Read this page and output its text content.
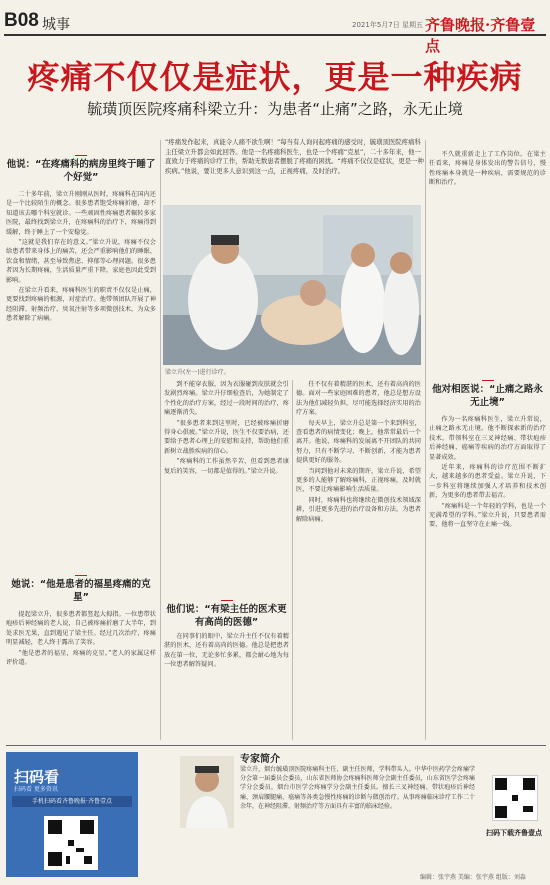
B08 城事	2021年5月7日 星期五 齐鲁晚报·齐鲁壹点
疼痛不仅仅是症状，更是一种疾病
毓璜顶医院疼痛科梁立升：为患者“止痛”之路，永无止境
“疼痛发作起来，真能令人痛不欲生啊！”每当有人询问起疼痛的感受时，毓璜顶医院疼痛科主任梁立升都会如此回答。他是一名疼痛科医生，也是一个疼痛“克星”，二十多年来，他一直致力于疼痛的诊疗工作，帮助无数患者摆脱了疼痛的困扰。“疼痛不仅仅是症状，更是一种疾病。”他说，要让更多人意识到这一点，正视疼痛，及时治疗。
梁立升(左一)进行诊疗。
他说：“在疼痛科的病房里终于睡了个好觉”

二十多年前，梁立升刚刚从医时，疼痛科在国内还是一个比较陌生的概念。很多患者饱受疼痛折磨，却不知道该去哪个科室就诊。一些顽固性疼痛患者辗转多家医院，最终找到梁立升，在疼痛科的治疗下，疼痛得到缓解，终于睡上了一个安稳觉。

“这就是我们存在的意义。”梁立升说，疼痛不仅会给患者带来身体上的痛苦，还会严重影响他们的睡眠、饮食和情绪，甚至导致焦虑、抑郁等心理问题。很多患者因为长期疼痛，生活质量严重下降，家庭也因此受到影响。

在梁立升看来，疼痛科医生的职责不仅仅是止痛，更要找到疼痛的根源，对症治疗。他带领团队开展了神经阻滞、射频治疗、臭氧注射等多项微创技术，为众多患者解除了病痛。

她说：“他是患者的福星疼痛的克星”

提起梁立升，很多患者都竖起大拇指。一位患带状疱疹后神经痛的老人说，自己被疼痛折磨了大半年，到处求医无果，直到遇见了梁主任。经过几次治疗，疼痛明显减轻，老人终于露出了笑容。

“他是患者的福星，疼痛的克星。”老人的家属这样评价道。

到不能穿衣服，因为衣服碰到皮肤就会引发剧烈疼痛。梁立升仔细检查后，为她制定了个性化的治疗方案，经过一段时间的治疗，疼痛逐渐消失。

“很多患者来到这里时，已经被疼痛折磨得身心俱疲。”梁立升说，医生不仅要治病，还要给予患者心理上的安慰和支持，帮助他们重新树立战胜疾病的信心。

“疼痛科的工作虽然辛苦，但看到患者康复后的笑容，一切都是值得的。”梁立升说。

他们说：“有梁主任的医术更有高尚的医德”

在同事们的眼中，梁立升主任不仅有着精湛的医术，还有着高尚的医德。他总是把患者放在第一位，无论多忙多累，都会耐心地为每一位患者解答疑问。

任不仅有着精湛的医术，还有着高尚的医德。面对一些家庭困难的患者，他总是想方设法为他们减轻负担，尽可能选择经济实用的治疗方案。

每天早上，梁立升总是第一个来到科室，查看患者的病情变化；晚上，他常常最后一个离开。他说，疼痛科的发展离不开团队的共同努力，只有不断学习、不断创新，才能为患者提供更好的服务。

当问到他对未来的期许，梁立升说，希望更多的人能够了解疼痛科，正视疼痛，及时就医，不要让疼痛影响生活质量。

同时，疼痛科也将继续在微创技术领域深耕，引进更多先进的治疗设备和方法，为患者解除病痛。

不久就重新走上了工作岗位。在梁主任看来，疼痛是身体发出的警告信号，慢性疼痛本身就是一种疾病，需要规范的诊断和治疗。

他对相医说：“止痛之路永无止境”

作为一名疼痛科医生，梁立升常说，止痛之路永无止境。他不断探索新的治疗技术，带领科室在三叉神经痛、带状疱疹后神经痛、癌痛等疾病的治疗方面取得了显著成效。

近年来，疼痛科的诊疗范围不断扩大，越来越多的患者受益。梁立升说，下一步科室将继续加强人才培养和技术创新，为更多的患者带去福音。

“疼痛科是一个年轻的学科，也是一个充满希望的学科。”梁立升说，只要患者需要，他将一直坚守在止痛一线。

专家简介
扫码看
扫码看 更多资讯
手机扫码看齐鲁晚报·齐鲁壹点
梁立升，烟台毓璜顶医院疼痛科主任，副主任医师，学科带头人。中华中医药学会疼痛学分会第一届委员会委员，山东省医师协会疼痛科医师分会副主任委员，山东省医学会疼痛学分会委员，烟台市医学会疼痛学分会副主任委员。擅长三叉神经痛、带状疱疹后神经痛、颈肩腰腿痛、癌痛等各类急慢性疼痛的诊断与微创治疗。从事疼痛临床诊疗工作二十余年，在神经阻滞、射频治疗等方面具有丰富的临床经验。
扫码下载齐鲁壹点
编辑：张宇燕 美编：张宇燕 组版：刘淼
